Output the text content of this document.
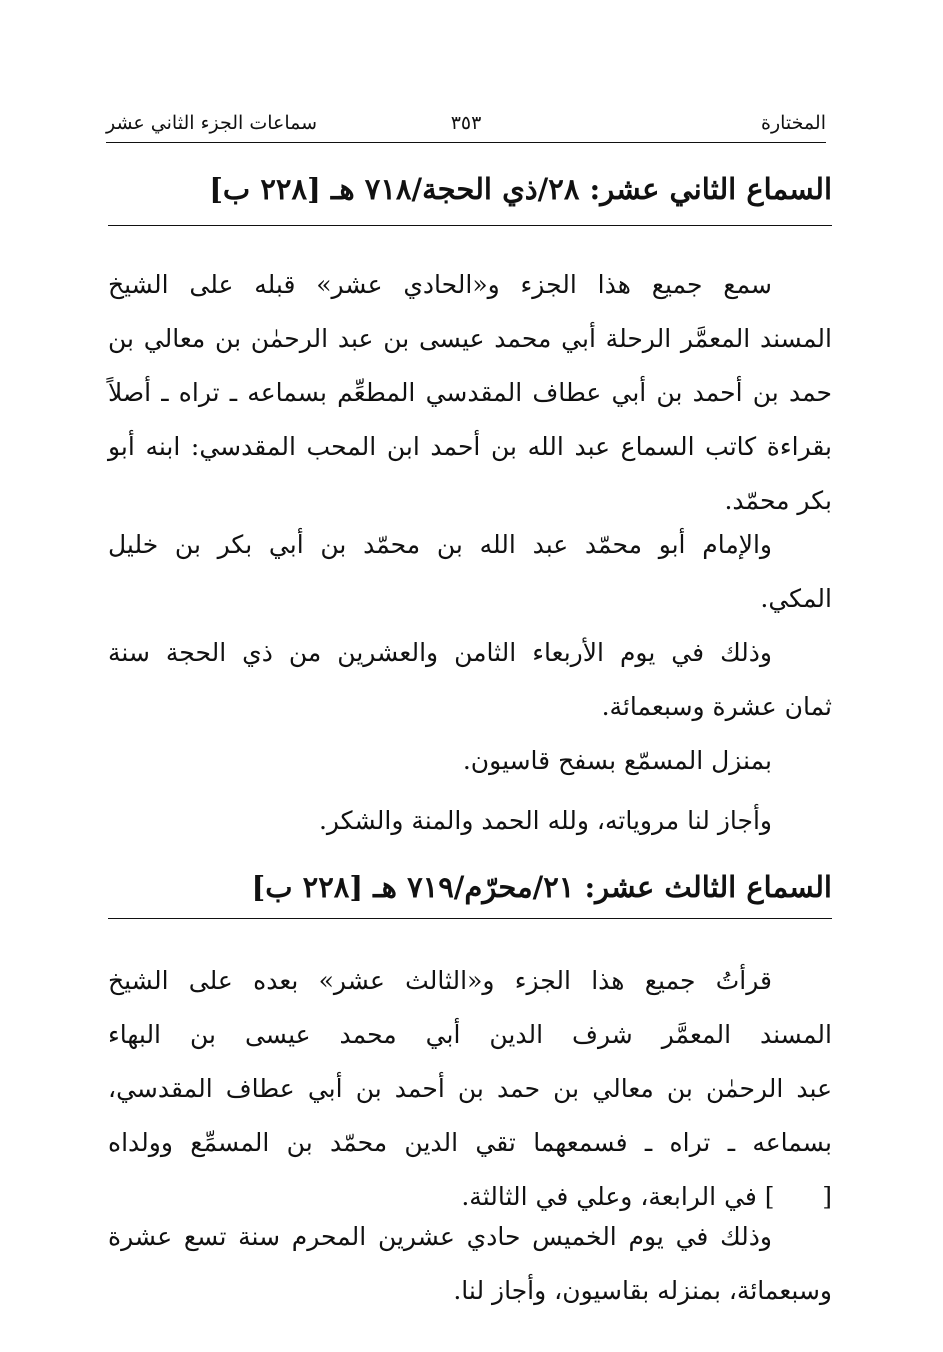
المختارة
٣٥٣
سماعات الجزء الثاني عشر
السماع الثاني عشر: ٢٨/ذي الحجة/٧١٨ هـ [٢٢٨ ب]
سمع جميع هذا الجزء و«الحادي عشر» قبله على الشيخ
المسند المعمَّر الرحلة أبي محمد عيسى بن عبد الرحمٰن بن معالي بن
حمد بن أحمد بن أبي عطاف المقدسي المطعِّم بسماعه ـ تراه ـ أصلاً
بقراءة كاتب السماع عبد الله بن أحمد ابن المحب المقدسي: ابنه أبو
بكر محمّد.
والإمام أبو محمّد عبد الله بن محمّد بن أبي بكر بن خليل
المكي.
وذلك في يوم الأربعاء الثامن والعشرين من ذي الحجة سنة
ثمان عشرة وسبعمائة.
بمنزل المسمّع بسفح قاسيون.
وأجاز لنا مروياته، ولله الحمد والمنة والشكر.
السماع الثالث عشر: ٢١/محرّم/٧١٩ هـ [٢٢٨ ب]
قرأتُ جميع هذا الجزء و«الثالث عشر» بعده على الشيخ
المسند المعمَّر شرف الدين أبي محمد عيسى بن البهاء
عبد الرحمٰن بن معالي بن حمد بن أحمد بن أبي عطاف المقدسي،
بسماعه ـ تراه ـ فسمعهما تقي الدين محمّد بن المسمِّع وولداه
[      ] في الرابعة، وعلي في الثالثة.
وذلك في يوم الخميس حادي عشرين المحرم سنة تسع عشرة
وسبعمائة، بمنزله بقاسيون، وأجاز لنا.
